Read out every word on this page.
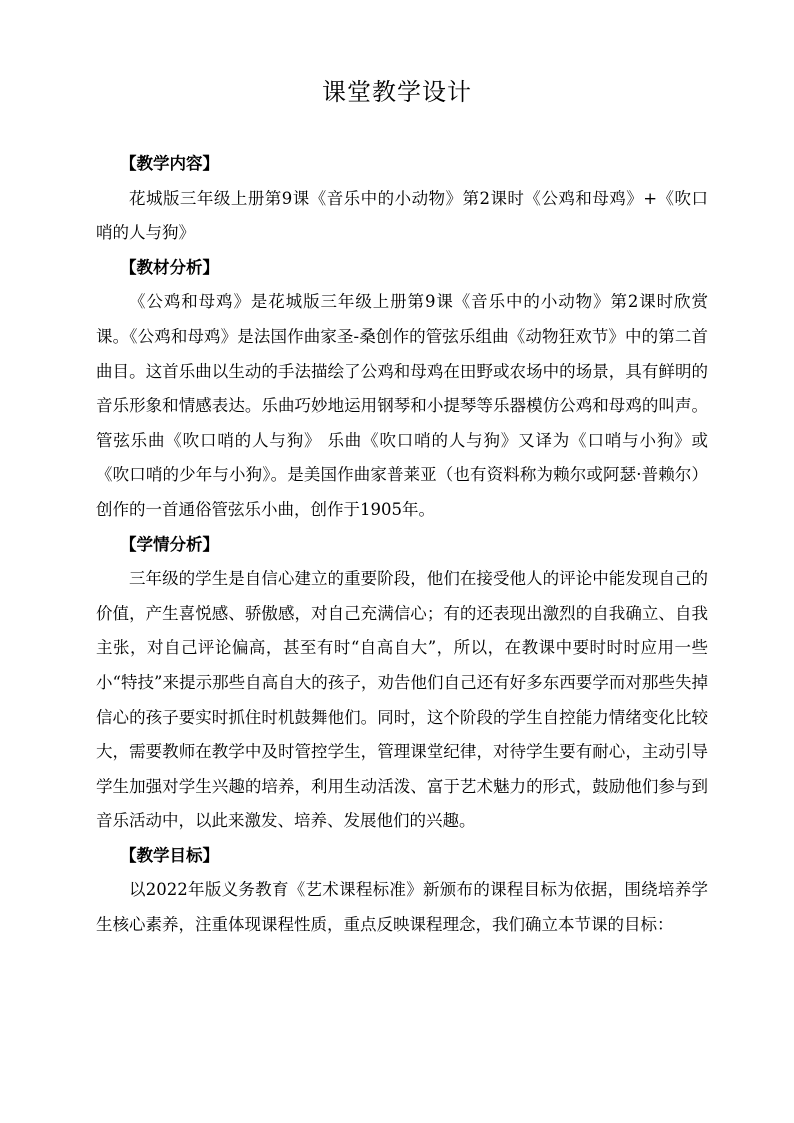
课堂教学设计

【教学内容】

花城版三年级上册第9课《音乐中的小动物》第2课时《公鸡和母鸡》+《吹口哨的人与狗》

【教材分析】

《公鸡和母鸡》是花城版三年级上册第9课《音乐中的小动物》第2课时欣赏课。《公鸡和母鸡》是法国作曲家圣-桑创作的管弦乐组曲《动物狂欢节》中的第二首曲目。这首乐曲以生动的手法描绘了公鸡和母鸡在田野或农场中的场景，具有鲜明的音乐形象和情感表达。乐曲巧妙地运用钢琴和小提琴等乐器模仿公鸡和母鸡的叫声。管弦乐曲《吹口哨的人与狗》 乐曲《吹口哨的人与狗》又译为《口哨与小狗》或《吹口哨的少年与小狗》。是美国作曲家普莱亚（也有资料称为赖尔或阿瑟·普赖尔）创作的一首通俗管弦乐小曲，创作于1905年。

【学情分析】

三年级的学生是自信心建立的重要阶段，他们在接受他人的评论中能发现自己的价值，产生喜悦感、骄傲感，对自己充满信心；有的还表现出激烈的自我确立、自我主张，对自己评论偏高，甚至有时“自高自大”，所以，在教课中要时时时应用一些小“特技”来提示那些自高自大的孩子，劝告他们自己还有好多东西要学而对那些失掉信心的孩子要实时抓住时机鼓舞他们。同时，这个阶段的学生自控能力情绪变化比较大，需要教师在教学中及时管控学生，管理课堂纪律，对待学生要有耐心，主动引导学生加强对学生兴趣的培养，利用生动活泼、富于艺术魅力的形式，鼓励他们参与到音乐活动中，以此来激发、培养、发展他们的兴趣。

【教学目标】

以2022年版义务教育《艺术课程标准》新颁布的课程目标为依据，围绕培养学生核心素养，注重体现课程性质，重点反映课程理念，我们确立本节课的目标：
